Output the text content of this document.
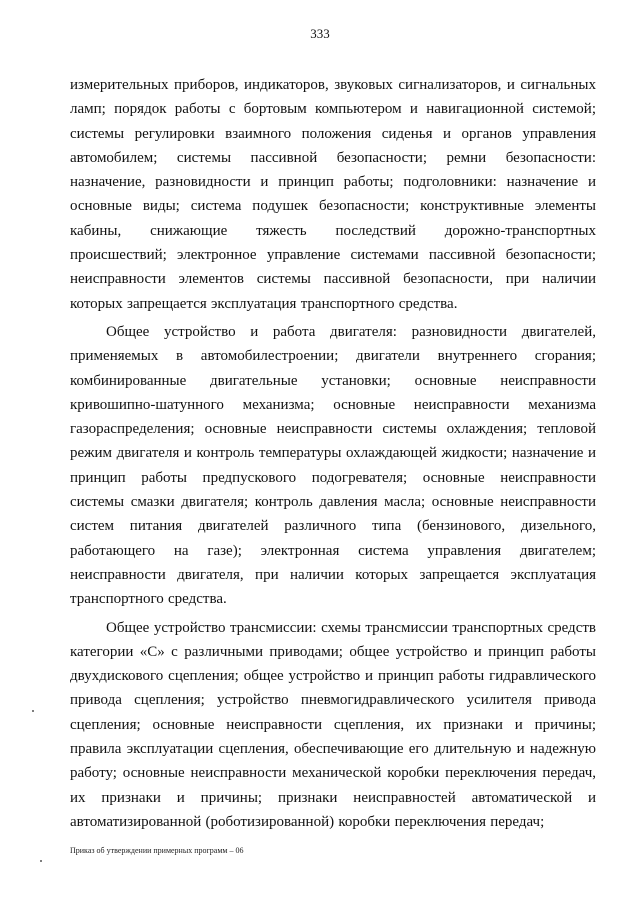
333

измерительных приборов, индикаторов, звуковых сигнализаторов, и сигнальных ламп; порядок работы с бортовым компьютером и навигационной системой; системы регулировки взаимного положения сиденья и органов управления автомобилем; системы пассивной безопасности; ремни безопасности: назначение, разновидности и принцип работы; подголовники: назначение и основные виды; система подушек безопасности; конструктивные элементы кабины, снижающие тяжесть последствий дорожно-транспортных происшествий; электронное управление системами пассивной безопасности; неисправности элементов системы пассивной безопасности, при наличии которых запрещается эксплуатация транспортного средства.

Общее устройство и работа двигателя: разновидности двигателей, применяемых в автомобилестроении; двигатели внутреннего сгорания; комбинированные двигательные установки; основные неисправности кривошипно-шатунного механизма; основные неисправности механизма газораспределения; основные неисправности системы охлаждения; тепловой режим двигателя и контроль температуры охлаждающей жидкости; назначение и принцип работы предпускового подогревателя; основные неисправности системы смазки двигателя; контроль давления масла; основные неисправности систем питания двигателей различного типа (бензинового, дизельного, работающего на газе); электронная система управления двигателем; неисправности двигателя, при наличии которых запрещается эксплуатация транспортного средства.

Общее устройство трансмиссии: схемы трансмиссии транспортных средств категории «С» с различными приводами; общее устройство и принцип работы двухдискового сцепления; общее устройство и принцип работы гидравлического привода сцепления; устройство пневмогидравлического усилителя привода сцепления; основные неисправности сцепления, их признаки и причины; правила эксплуатации сцепления, обеспечивающие его длительную и надежную работу; основные неисправности механической коробки переключения передач, их признаки и причины; признаки неисправностей автоматической и автоматизированной (роботизированной) коробки переключения передач;

Приказ об утверждении примерных программ – 06
